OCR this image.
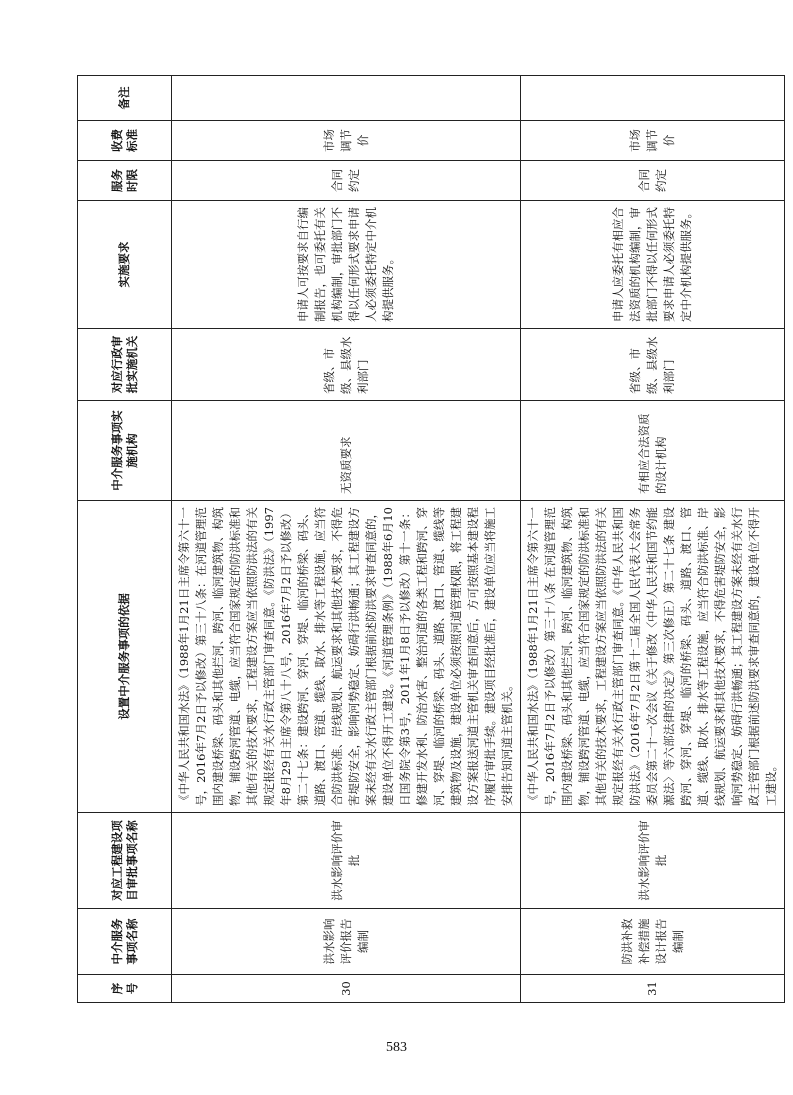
序号	中介服务事项名称	对应工程建设项目审批事项名称	设置中介服务事项的依据	中介服务事项实施机构	对应行政审批实施机关	实施要求	服务时限	收费标准	备注
30	洪水影响评价报告编制	洪水影响评价审批	《中华人民共和国水法》（1988年1月21日主席令第六十一号，2016年7月2日予以修改）第三十八条：在河道管理范围内建设桥梁、码头和其他拦河、跨河、临河建筑物、构筑物，铺设跨河管道、电缆，应当符合国家规定的防洪标准和其他有关的技术要求，工程建设方案应当依照防洪法的有关规定报经有关水行政主管部门审查同意。《防洪法》（1997年8月29日主席令第八十八号，2016年7月2日予以修改）第二十七条：建设跨河、穿河、穿堤、临河的桥梁、码头、道路、渡口、管道、缆线、取水、排水等工程设施，应当符合防洪标准、岸线规划、航运要求和其他技术要求，不得危害堤防安全，影响河势稳定、妨碍行洪畅通；其工程建设方案未经有关水行政主管部门根据前述防洪要求审查同意的，建设单位不得开工建设。《河道管理条例》（1988年6月10日国务院令第3号，2011年1月8日予以修改）第十一条：修建开发水利、防治水害、整治河道的各类工程和跨河、穿河、穿堤、临河的桥梁、码头、道路、渡口、管道、缆线等建筑物及设施，建设单位必须按照河道管理权限，将工程建设方案报送河道主管机关审查同意后，方可按照基本建设程序履行审批手续。建设项目经批准后，建设单位应当将施工安排告知河道主管机关。	无资质要求	省级、市级、县级水利部门	申请人可按要求自行编制报告，也可委托有关机构编制，审批部门不得以任何形式要求申请人必须委托特定中介机构提供服务。	合同约定	市场调节价	
31	防洪补救补偿措施设计报告编制	洪水影响评价审批	《中华人民共和国水法》（1988年1月21日主席令第六十一号，2016年7月2日予以修改）第三十八条 在河道管理范围内建设桥梁、码头和其他拦河、跨河、临河建筑物、构筑物，铺设跨河管道、电缆，应当符合国家规定的防洪标准和其他有关的技术要求，工程建设方案应当依照防洪法的有关规定报经有关水行政主管部门审查同意。《中华人民共和国防洪法》（2016年7月2日第十二届全国人民代表大会常务委员会第二十一次会议《关于修改〈中华人民共和国节约能源法〉等六部法律的决定》第三次修正）第二十七条 建设跨河、穿河、穿堤、临河的桥梁、码头、道路、渡口、管道、缆线、取水、排水等工程设施，应当符合防洪标准、岸线规划、航运要求和其他技术要求，不得危害堤防安全，影响河势稳定、妨碍行洪畅通；其工程建设方案未经有关水行政主管部门根据前述防洪要求审查同意的，建设单位不得开工建设。	有相应合法资质的设计机构	省级、市级、县级水利部门	申请人应委托有相应合法资质的机构编制，审批部门不得以任何形式要求申请人必须委托特定中介机构提供服务。	合同约定	市场调节价	
583
